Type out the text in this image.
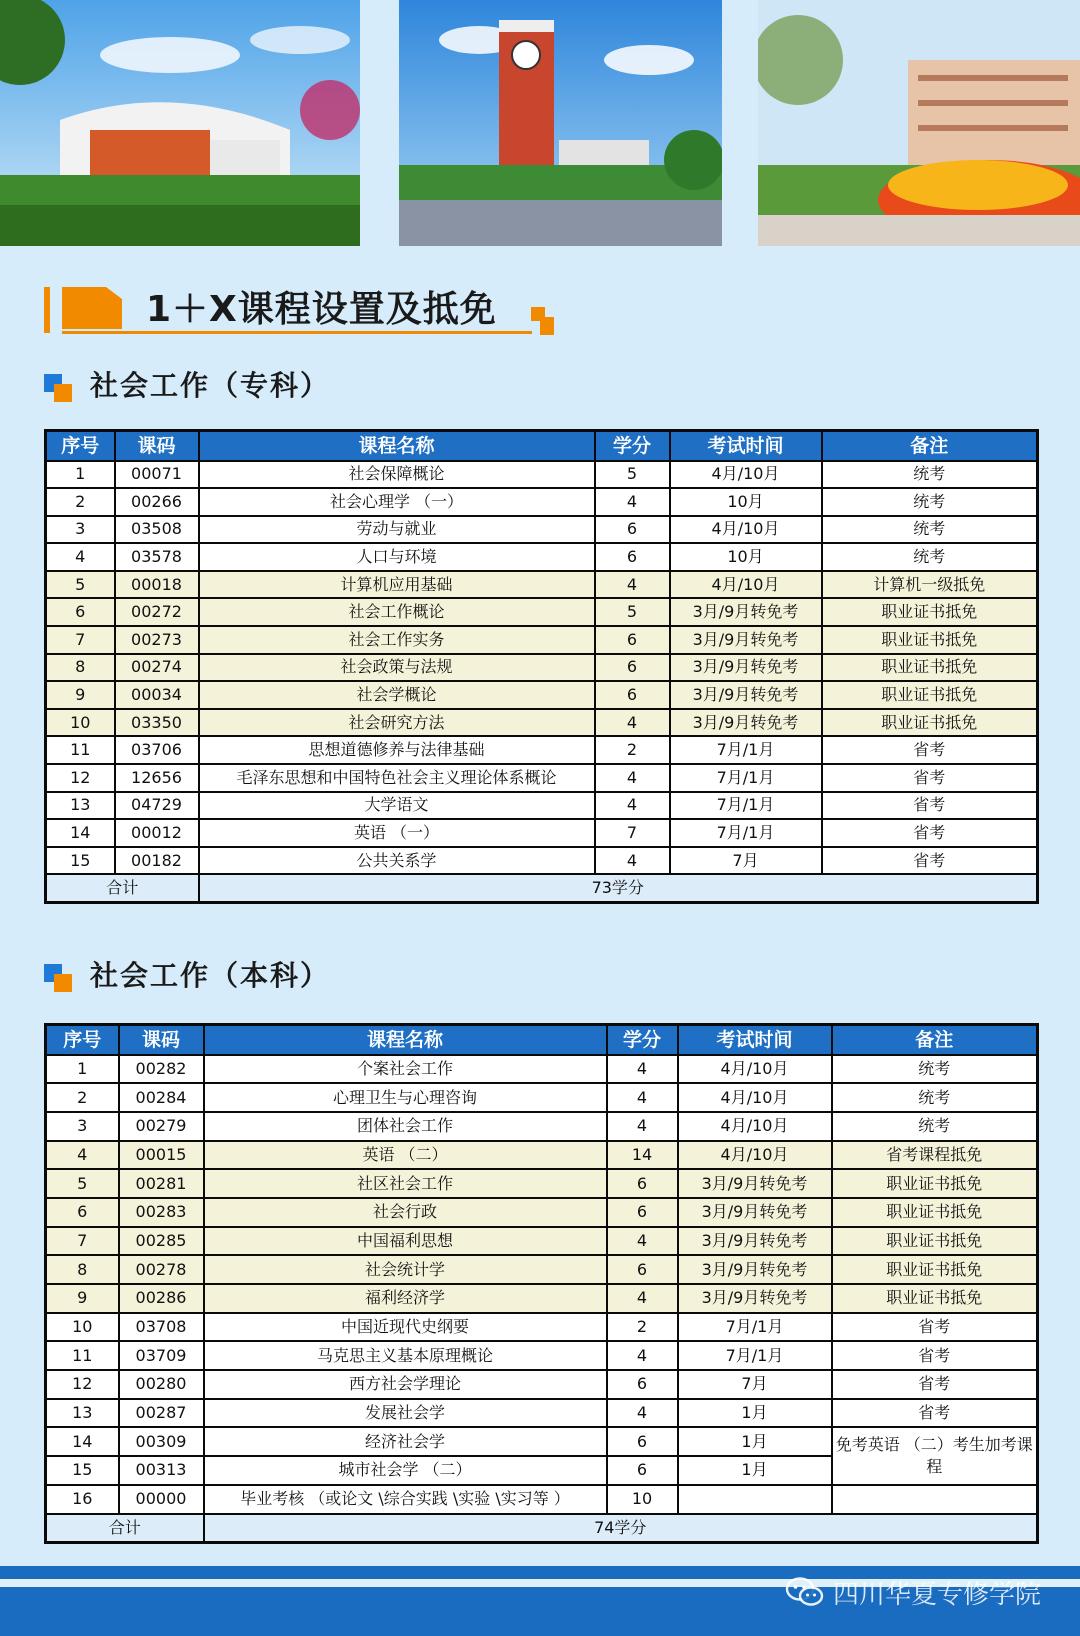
1＋X课程设置及抵免
社会工作（专科）
序号	课码	课程名称	学分	考试时间	备注
1	00071	社会保障概论	5	4月/10月	统考
2	00266	社会心理学 （一）	4	10月	统考
3	03508	劳动与就业	6	4月/10月	统考
4	03578	人口与环境	6	10月	统考
5	00018	计算机应用基础	4	4月/10月	计算机一级抵免
6	00272	社会工作概论	5	3月/9月转免考	职业证书抵免
7	00273	社会工作实务	6	3月/9月转免考	职业证书抵免
8	00274	社会政策与法规	6	3月/9月转免考	职业证书抵免
9	00034	社会学概论	6	3月/9月转免考	职业证书抵免
10	03350	社会研究方法	4	3月/9月转免考	职业证书抵免
11	03706	思想道德修养与法律基础	2	7月/1月	省考
12	12656	毛泽东思想和中国特色社会主义理论体系概论	4	7月/1月	省考
13	04729	大学语文	4	7月/1月	省考
14	00012	英语 （一）	7	7月/1月	省考
15	00182	公共关系学	4	7月	省考
合计		73学分			
社会工作（本科）
序号	课码	课程名称	学分	考试时间	备注
1	00282	个案社会工作	4	4月/10月	统考
2	00284	心理卫生与心理咨询	4	4月/10月	统考
3	00279	团体社会工作	4	4月/10月	统考
4	00015	英语 （二）	14	4月/10月	省考课程抵免
5	00281	社区社会工作	6	3月/9月转免考	职业证书抵免
6	00283	社会行政	6	3月/9月转免考	职业证书抵免
7	00285	中国福利思想	4	3月/9月转免考	职业证书抵免
8	00278	社会统计学	6	3月/9月转免考	职业证书抵免
9	00286	福利经济学	4	3月/9月转免考	职业证书抵免
10	03708	中国近现代史纲要	2	7月/1月	省考
11	03709	马克思主义基本原理概论	4	7月/1月	省考
12	00280	西方社会学理论	6	7月	省考
13	00287	发展社会学	4	1月	省考
14	00309	经济社会学	6	1月	免考英语 （二）考生加考课程
15	00313	城市社会学 （二）	6	1月	
16	00000	毕业考核 （或论文 \综合实践 \实验 \实习等 ）	10		
合计		74学分			
四川华夏专修学院
